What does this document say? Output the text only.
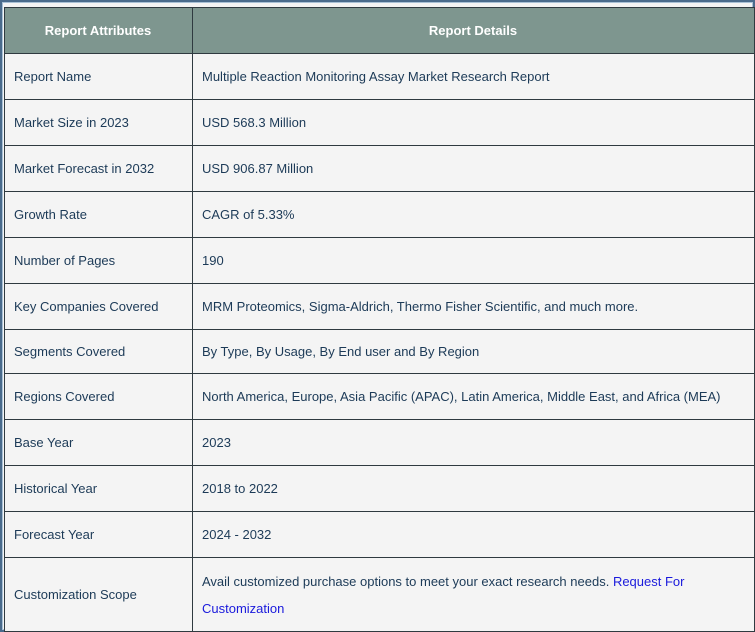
Report Attributes	Report Details
Report Name	Multiple Reaction Monitoring Assay Market Research Report
Market Size in 2023	USD 568.3 Million
Market Forecast in 2032	USD 906.87 Million
Growth Rate	CAGR of 5.33%
Number of Pages	190
Key Companies Covered	MRM Proteomics, Sigma-Aldrich, Thermo Fisher Scientific, and much more.
Segments Covered	By Type, By Usage, By End user and By Region
Regions Covered	North America, Europe, Asia Pacific (APAC), Latin America, Middle East, and Africa (MEA)
Base Year	2023
Historical Year	2018 to 2022
Forecast Year	2024 - 2032
Customization Scope	Avail customized purchase options to meet your exact research needs. Request For Customization
